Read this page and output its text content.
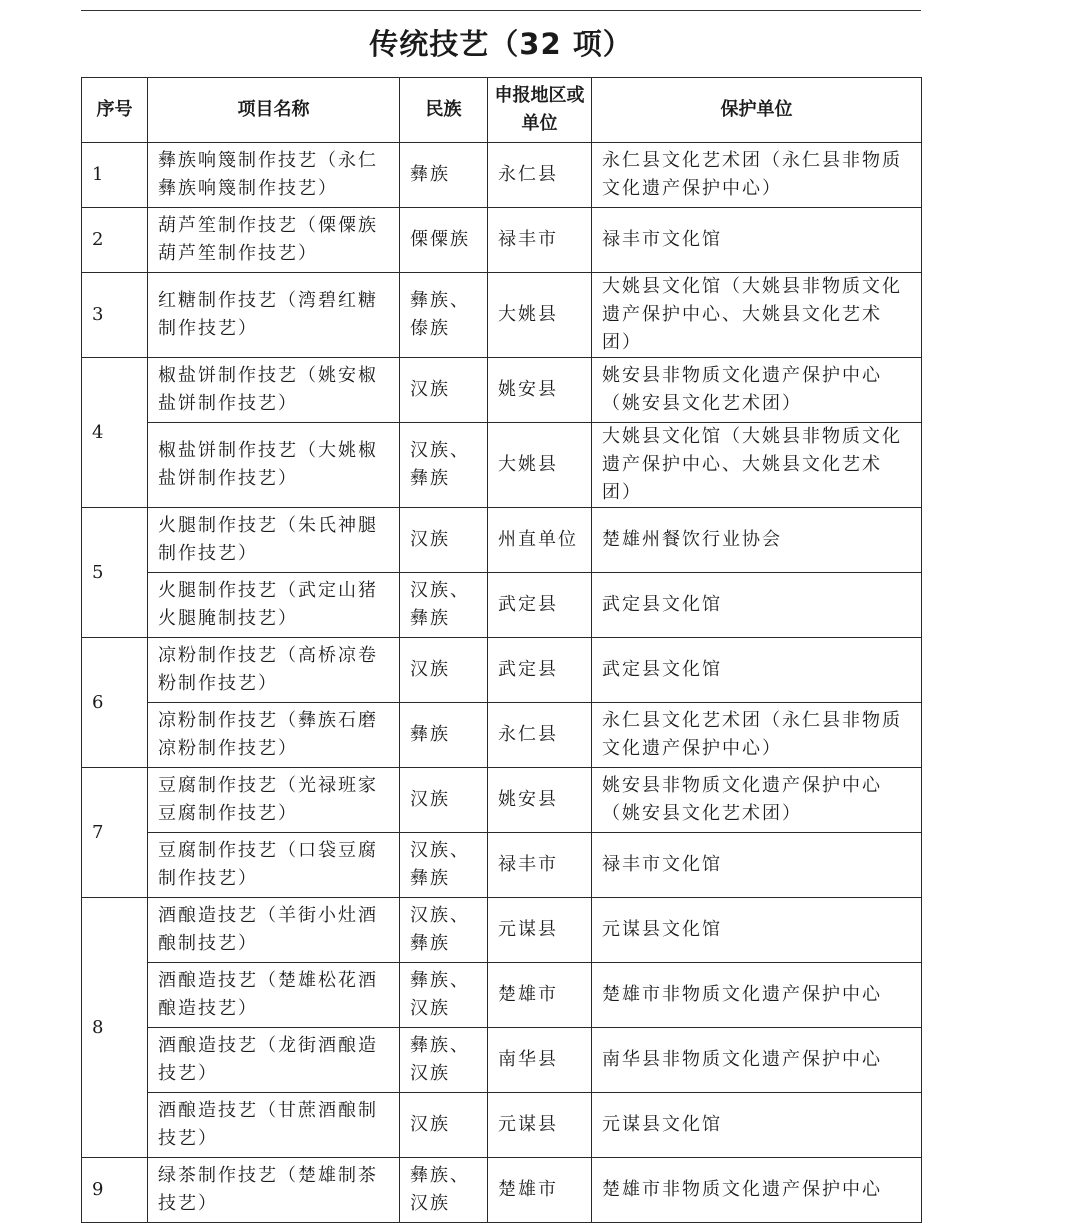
传统技艺（32 项）
序号	项目名称	民族	申报地区或单位	保护单位
1	彝族响篾制作技艺（永仁彝族响篾制作技艺）	彝族	永仁县	永仁县文化艺术团（永仁县非物质文化遗产保护中心）
2	葫芦笙制作技艺（傈僳族葫芦笙制作技艺）	傈僳族	禄丰市	禄丰市文化馆
3	红糖制作技艺（湾碧红糖制作技艺）	彝族、傣族	大姚县	大姚县文化馆（大姚县非物质文化遗产保护中心、大姚县文化艺术团）
4	椒盐饼制作技艺（姚安椒盐饼制作技艺）	汉族	姚安县	姚安县非物质文化遗产保护中心（姚安县文化艺术团）
	椒盐饼制作技艺（大姚椒盐饼制作技艺）	汉族、彝族	大姚县	大姚县文化馆（大姚县非物质文化遗产保护中心、大姚县文化艺术团）
5	火腿制作技艺（朱氏神腿制作技艺）	汉族	州直单位	楚雄州餐饮行业协会
	火腿制作技艺（武定山猪火腿腌制技艺）	汉族、彝族	武定县	武定县文化馆
6	凉粉制作技艺（高桥凉卷粉制作技艺）	汉族	武定县	武定县文化馆
	凉粉制作技艺（彝族石磨凉粉制作技艺）	彝族	永仁县	永仁县文化艺术团（永仁县非物质文化遗产保护中心）
7	豆腐制作技艺（光禄班家豆腐制作技艺）	汉族	姚安县	姚安县非物质文化遗产保护中心（姚安县文化艺术团）
	豆腐制作技艺（口袋豆腐制作技艺）	汉族、彝族	禄丰市	禄丰市文化馆
8	酒酿造技艺（羊街小灶酒酿制技艺）	汉族、彝族	元谋县	元谋县文化馆
	酒酿造技艺（楚雄松花酒酿造技艺）	彝族、汉族	楚雄市	楚雄市非物质文化遗产保护中心
	酒酿造技艺（龙街酒酿造技艺）	彝族、汉族	南华县	南华县非物质文化遗产保护中心
	酒酿造技艺（甘蔗酒酿制技艺）	汉族	元谋县	元谋县文化馆
9	绿茶制作技艺（楚雄制茶技艺）	彝族、汉族	楚雄市	楚雄市非物质文化遗产保护中心
